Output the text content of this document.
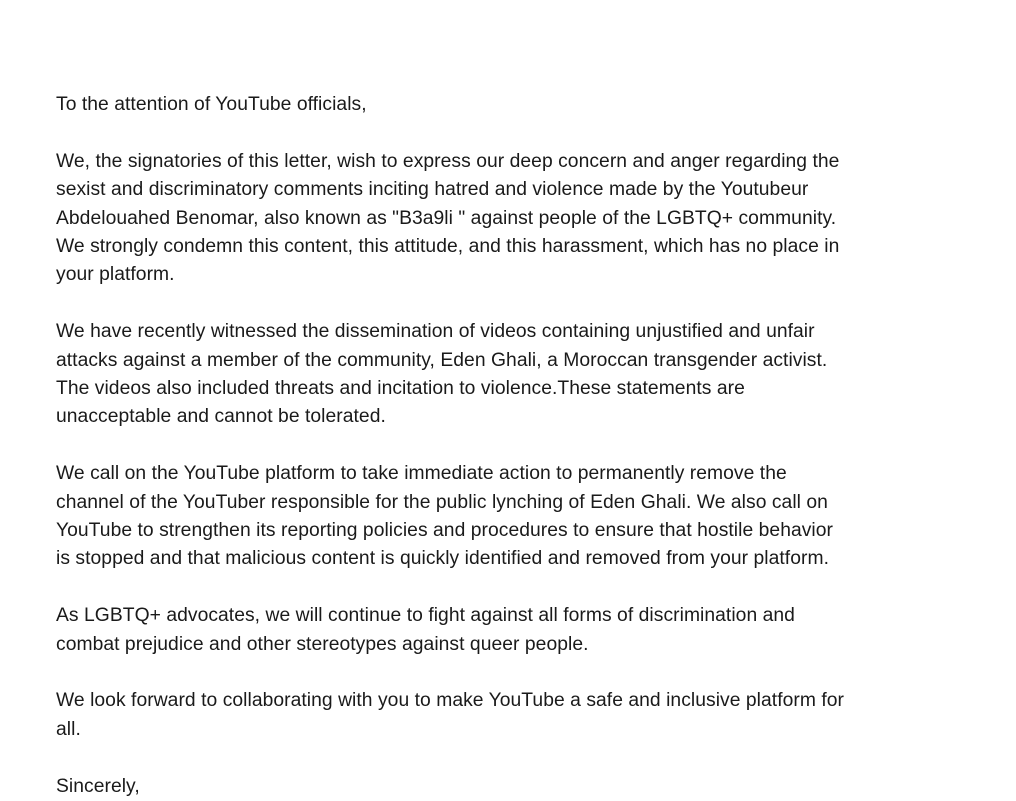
To the attention of YouTube officials,

We, the signatories of this letter, wish to express our deep concern and anger regarding the
sexist and discriminatory comments inciting hatred and violence made by the Youtubeur
Abdelouahed Benomar, also known as "B3a9li " against people of the LGBTQ+ community.
We strongly condemn this content, this attitude, and this harassment, which has no place in
your platform.

We have recently witnessed the dissemination of videos containing unjustified and unfair
attacks against a member of the community, Eden Ghali, a Moroccan transgender activist.
The videos also included threats and incitation to violence.These statements are
unacceptable and cannot be tolerated.

We call on the YouTube platform to take immediate action to permanently remove the
channel of the YouTuber responsible for the public lynching of Eden Ghali. We also call on
YouTube to strengthen its reporting policies and procedures to ensure that hostile behavior
is stopped and that malicious content is quickly identified and removed from your platform.

As LGBTQ+ advocates, we will continue to fight against all forms of discrimination and
combat prejudice and other stereotypes against queer people.

We look forward to collaborating with you to make YouTube a safe and inclusive platform for
all.

Sincerely,
